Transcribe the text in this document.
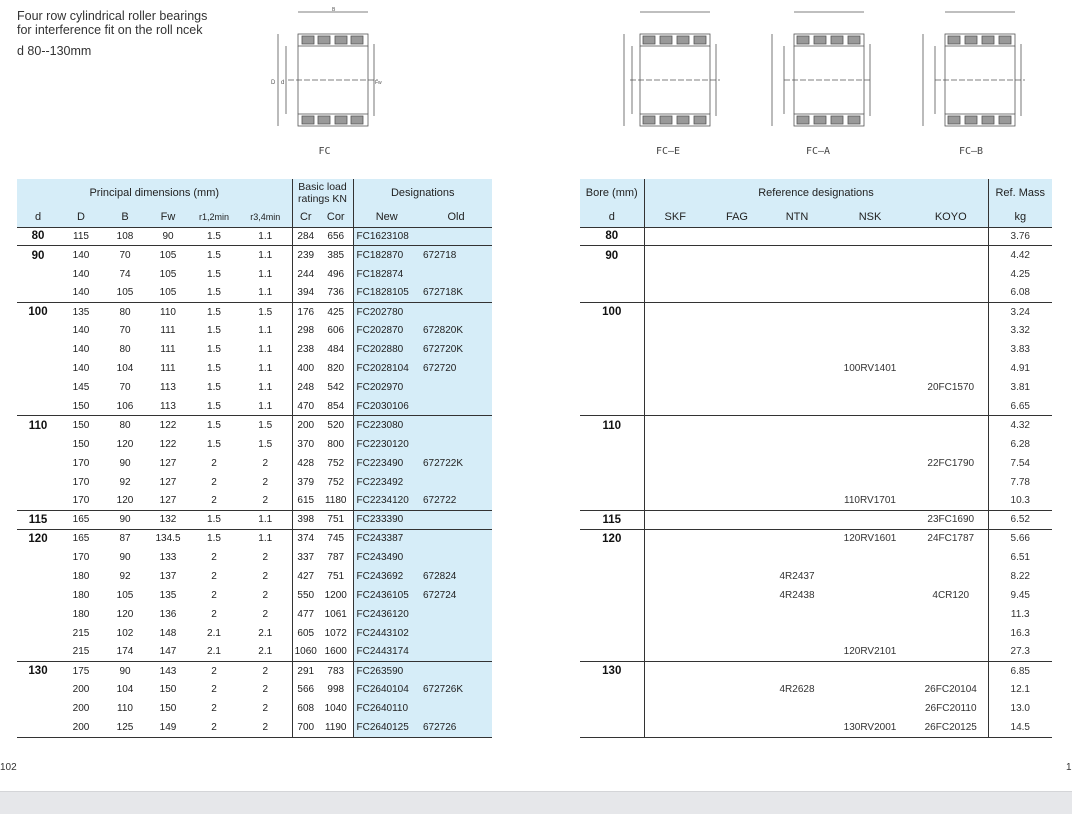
Four row cylindrical roller bearings
for interference fit on the roll ncek
d 80--130mm
B
D d	Fw
FC	FC–E	FC–A	FC–B
Principal dimensions (mm)						Basic load ratings KN		Designations	
d	D	B	Fw	r1,2min	r3,4min	Cr	Cor	New	Old
80	115	108	90	1.5	1.1	284	656	FC1623108	
90	140	70	105	1.5	1.1	239	385	FC182870	672718
	140	74	105	1.5	1.1	244	496	FC182874	
	140	105	105	1.5	1.1	394	736	FC1828105	672718K
100	135	80	110	1.5	1.5	176	425	FC202780	
	140	70	111	1.5	1.1	298	606	FC202870	672820K
	140	80	111	1.5	1.1	238	484	FC202880	672720K
	140	104	111	1.5	1.1	400	820	FC2028104	672720
	145	70	113	1.5	1.1	248	542	FC202970	
	150	106	113	1.5	1.1	470	854	FC2030106	
110	150	80	122	1.5	1.5	200	520	FC223080	
	150	120	122	1.5	1.5	370	800	FC2230120	
	170	90	127	2	2	428	752	FC223490	672722K
	170	92	127	2	2	379	752	FC223492	
	170	120	127	2	2	615	1180	FC2234120	672722
115	165	90	132	1.5	1.1	398	751	FC233390	
120	165	87	134.5	1.5	1.1	374	745	FC243387	
	170	90	133	2	2	337	787	FC243490	
	180	92	137	2	2	427	751	FC243692	672824
	180	105	135	2	2	550	1200	FC2436105	672724
	180	120	136	2	2	477	1061	FC2436120	
	215	102	148	2.1	2.1	605	1072	FC2443102	
	215	174	147	2.1	2.1	1060	1600	FC2443174	
130	175	90	143	2	2	291	783	FC263590	
	200	104	150	2	2	566	998	FC2640104	672726K
	200	110	150	2	2	608	1040	FC2640110	
	200	125	149	2	2	700	1190	FC2640125	672726
Bore (mm)	Reference designations					Ref. Mass
d	SKF	FAG	NTN	NSK	KOYO	kg
80						3.76
90						4.42
						4.25
						6.08
100						3.24
						3.32
						3.83
				100RV1401		4.91
					20FC1570	3.81
						6.65
110						4.32
						6.28
					22FC1790	7.54
						7.78
				110RV1701		10.3
115					23FC1690	6.52
120				120RV1601	24FC1787	5.66
						6.51
			4R2437			8.22
			4R2438		4CR120	9.45
						11.3
						16.3
				120RV2101		27.3
130						6.85
			4R2628		26FC20104	12.1
					26FC20110	13.0
				130RV2001	26FC20125	14.5
102	1
